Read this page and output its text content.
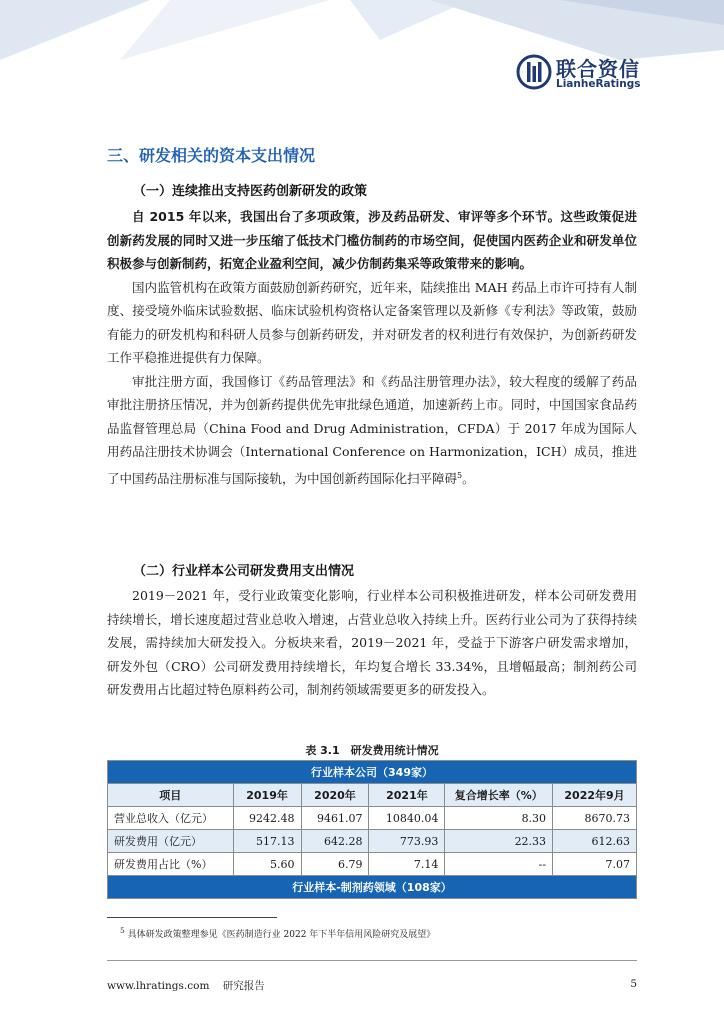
联合资信
LianheRatings
三、研发相关的资本支出情况
（一）连续推出支持医药创新研发的政策

自 2015 年以来，我国出台了多项政策，涉及药品研发、审评等多个环节。这些政策促进创新药发展的同时又进一步压缩了低技术门槛仿制药的市场空间，促使国内医药企业和研发单位积极参与创新制药，拓宽企业盈利空间，减少仿制药集采等政策带来的影响。

国内监管机构在政策方面鼓励创新药研究，近年来，陆续推出 MAH 药品上市许可持有人制度、接受境外临床试验数据、临床试验机构资格认定备案管理以及新修《专利法》等政策，鼓励有能力的研发机构和科研人员参与创新药研发，并对研发者的权利进行有效保护，为创新药研发工作平稳推进提供有力保障。

审批注册方面，我国修订《药品管理法》和《药品注册管理办法》，较大程度的缓解了药品审批注册挤压情况，并为创新药提供优先审批绿色通道，加速新药上市。同时，中国国家食品药品监督管理总局（China Food and Drug Administration，CFDA）于 2017 年成为国际人用药品注册技术协调会（International Conference on Harmonization，ICH）成员，推进了中国药品注册标准与国际接轨，为中国创新药国际化扫平障碍$^5$。

（二）行业样本公司研发费用支出情况

2019－2021 年，受行业政策变化影响，行业样本公司积极推进研发，样本公司研发费用持续增长，增长速度超过营业总收入增速，占营业总收入持续上升。医药行业公司为了获得持续发展，需持续加大研发投入。分板块来看，2019－2021 年，受益于下游客户研发需求增加，研发外包（CRO）公司研发费用持续增长，年均复合增长 33.34%，且增幅最高；制剂药公司研发费用占比超过特色原料药公司，制剂药领域需要更多的研发投入。

表 3.1　研发费用统计情况
行业样本公司（349家）					
项目	2019年	2020年	2021年	复合增长率（%）	2022年9月
营业总收入（亿元）	9242.48	9461.07	10840.04	8.30	8670.73
研发费用（亿元）	517.13	642.28	773.93	22.33	612.63
研发费用占比（%）	5.60	6.79	7.14	--	7.07
行业样本-制剂药领域（108家）					
$^5$ 具体研发政策整理参见《医药制造行业 2022 年下半年信用风险研究及展望》
www.lhratings.com 研究报告	5
